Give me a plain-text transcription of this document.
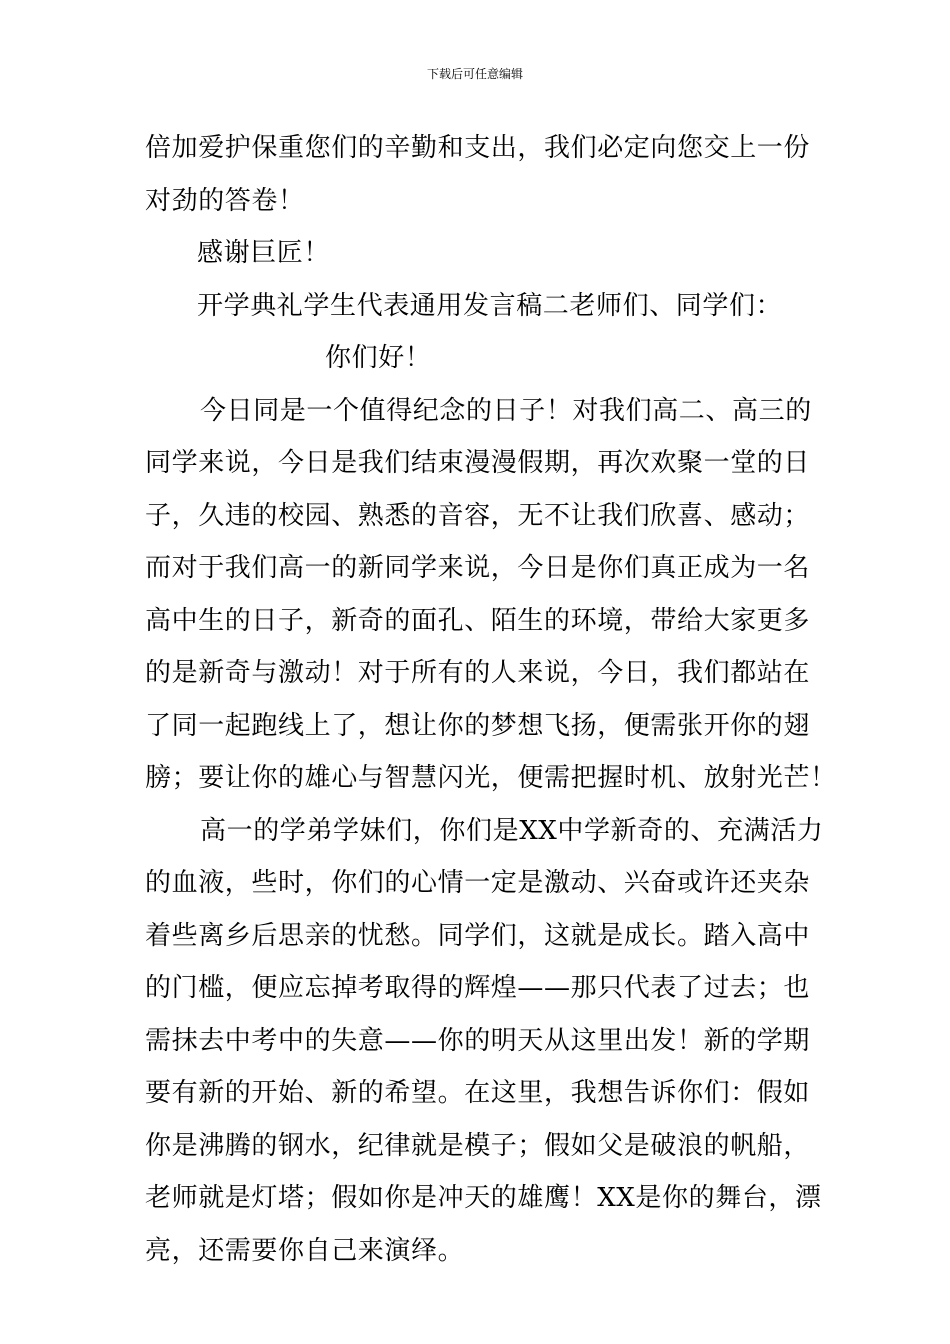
下载后可任意编辑
倍加爱护保重您们的辛勤和支出，我们必定向您交上一份
对劲的答卷！
感谢巨匠！
开学典礼学生代表通用发言稿二老师们、同学们：
你们好！
今日同是一个值得纪念的日子！对我们高二、高三的
同学来说，今日是我们结束漫漫假期，再次欢聚一堂的日
子，久违的校园、熟悉的音容，无不让我们欣喜、感动；
而对于我们高一的新同学来说，今日是你们真正成为一名
高中生的日子，新奇的面孔、陌生的环境，带给大家更多
的是新奇与激动！对于所有的人来说，今日，我们都站在
了同一起跑线上了，想让你的梦想飞扬，便需张开你的翅
膀；要让你的雄心与智慧闪光，便需把握时机、放射光芒！
高一的学弟学妹们，你们是XX中学新奇的、充满活力
的血液，些时，你们的心情一定是激动、兴奋或许还夹杂
着些离乡后思亲的忧愁。同学们，这就是成长。踏入高中
的门槛，便应忘掉考取得的辉煌——那只代表了过去；也
需抹去中考中的失意——你的明天从这里出发！新的学期
要有新的开始、新的希望。在这里，我想告诉你们：假如
你是沸腾的钢水，纪律就是模子；假如父是破浪的帆船，
老师就是灯塔；假如你是冲天的雄鹰！XX是你的舞台，漂
亮，还需要你自己来演绎。
